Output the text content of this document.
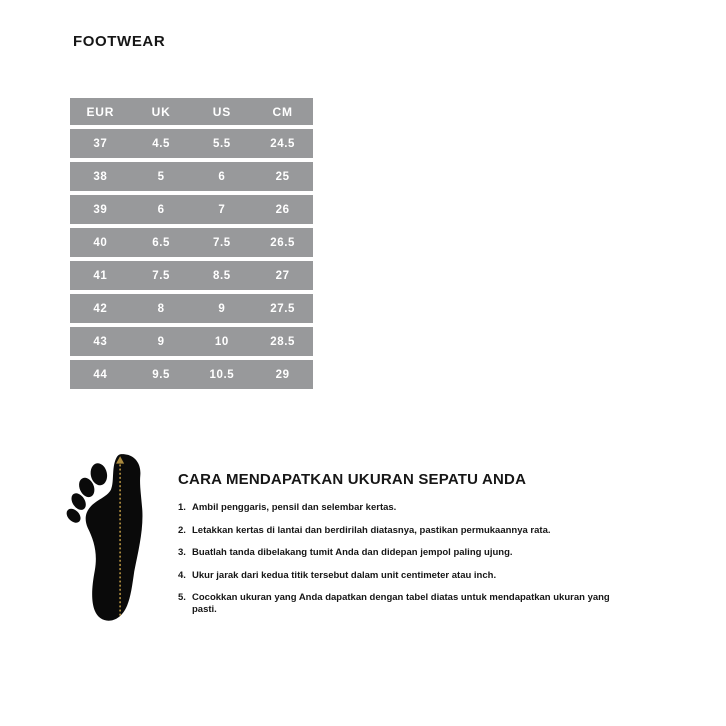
FOOTWEAR
EUR	UK	US	CM
37	4.5	5.5	24.5
38	5	6	25
39	6	7	26
40	6.5	7.5	26.5
41	7.5	8.5	27
42	8	9	27.5
43	9	10	28.5
44	9.5	10.5	29
CARA MENDAPATKAN UKURAN SEPATU ANDA
1. Ambil penggaris, pensil dan selembar kertas.
2. Letakkan kertas di lantai dan berdirilah diatasnya, pastikan permukaannya rata.
3. Buatlah tanda dibelakang tumit Anda dan didepan jempol paling ujung.
4. Ukur jarak dari kedua titik tersebut dalam unit centimeter atau inch.
5. Cocokkan ukuran yang Anda dapatkan dengan tabel diatas untuk mendapatkan ukuran yang pasti.
